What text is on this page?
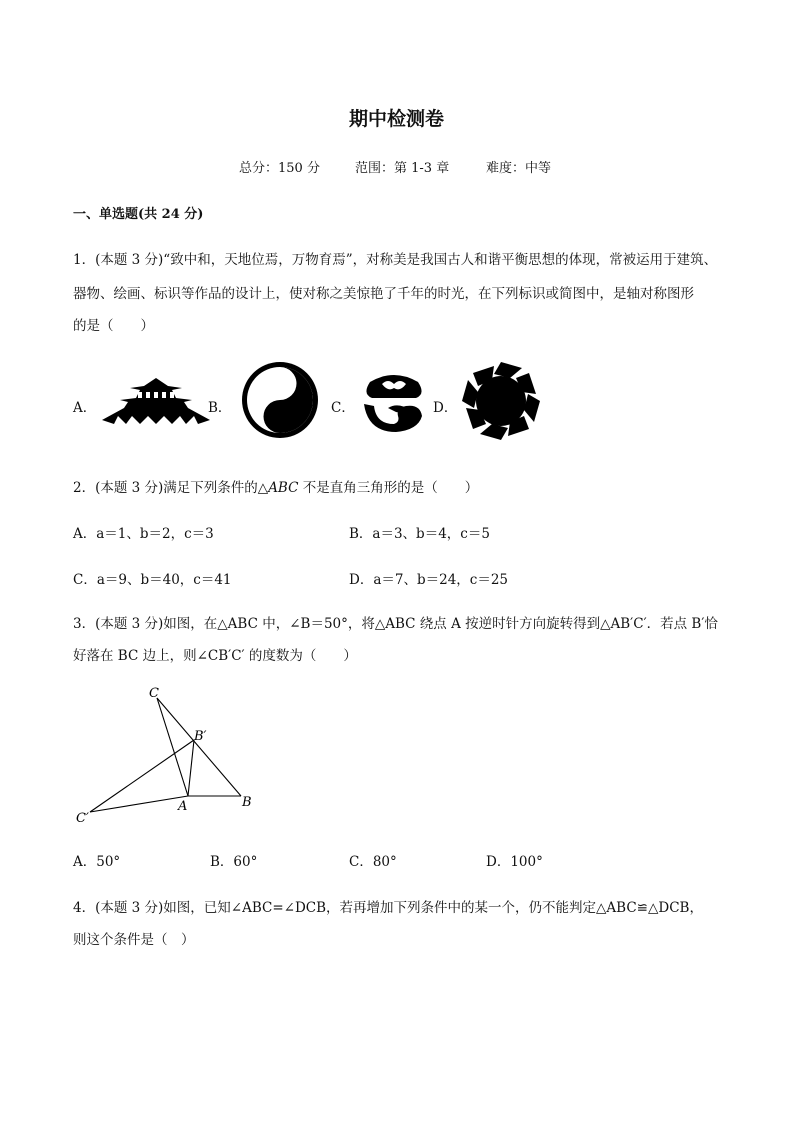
期中检测卷
总分：150 分	范围：第 1-3 章	难度：中等
一、单选题(共 24 分)
1．(本题 3 分)“致中和，天地位焉，万物育焉”，对称美是我国古人和谐平衡思想的体现，常被运用于建筑、
器物、绘画、标识等作品的设计上，使对称之美惊艳了千年的时光，在下列标识或简图中，是轴对称图形
的是（　　）
A．	B．	C．	D．
2．(本题 3 分)满足下列条件的△ABC 不是直角三角形的是（　　）
A．a＝1、b＝2，c＝3	B．a＝3、b＝4，c＝5
C．a＝9、b＝40，c＝41	D．a＝7、b＝24，c＝25
3．(本题 3 分)如图，在△ABC 中，∠B＝50°，将△ABC 绕点 A 按逆时针方向旋转得到△AB′C′．若点 B′恰
好落在 BC 边上，则∠CB′C′ 的度数为（　　）
C
B′
A	B
C′
A．50°	B．60°	C．80°	D．100°
4．(本题 3 分)如图，已知∠ABC=∠DCB，若再增加下列条件中的某一个，仍不能判定△ABC≌△DCB，
则这个条件是（　）
